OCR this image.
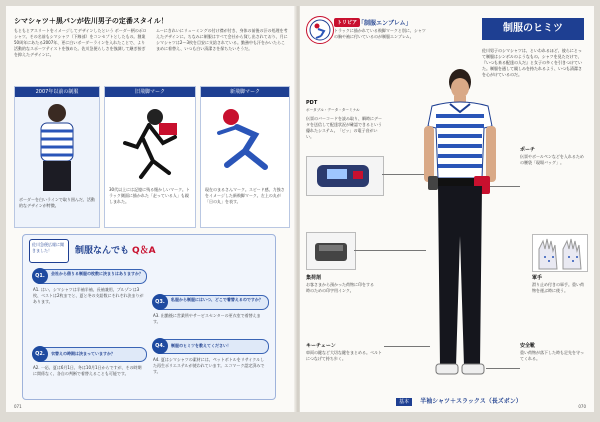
シマシャツ＋黒パンが佐川男子の定番スタイル！
もともとアスリートをイメージしてデザインしたという ボーダー柄のポロシャツ。その名前もシマシャツ（下線部）をコンセプトとしたもの。創業50周年にあたる2007年、更に白いボーダーラインを入れたことで、より活動的なスポーツテイストを強めた。佐川急便らしさを強調して継ぎ接ぎを抑えたデザインに。
ムーにきれいにリューミングの付け襟が付き、身体の前後の汗の処理を考えたデザインに。ちなみに制服はすべて会社から貸し出されており、月にシマシャツは2〜3枚を目安に支給されている。勤務中も汗をかいたらこまめに着替え、いつも白い清潔さを保ちたいそうだ。
2007年以前の制服
ボーダーを白いラインで取り囲んだ、活動的なデザインが特徴。
旧飛脚マーク
30代以上には記憶に残る懐かしいマーク。トラック側面に描かれた「走っている人」も親しまれた。
新飛脚マーク
現在のまるさんマーク。スピード感、力強さをイメージした新飛脚マーク。左上の丸が「日の丸」を表す。
佐川急便広報に聞きました！	制服なんでも Q＆A
Q1.	会社から借りる制服の枚数に決まりはありますか？
A1. はい、シマシャツは半袖半袖、長袖兼用、ブルゾンは3枚、ベストは2枚までと、夏と冬の支給数にそれぞれ決まりがあります。
Q2.	衣替えの時期は決まっていますか？
A2. 一応、夏は6月1日、冬は10月1日からですが、その時期に関係なく、各自の判断で着替えることも可能です。
Q3.	私服から制服にはいつ、どこで着替えるのですか？
A3. 出勤後に営業所やサービスセンターの更衣室で着替えます。
Q4.	制服のヒミツを教えてください！
A4. 夏はシマシャツの素材には、ペットボトルをリサイクルした再生ポリエステルが使われています。エコマーク認定済みです。
071
制服のヒミツ
佐川男子のシマシャツは、といわれるほど、彼らにとって制服はシンボルのようなもの。シャツを見ただけで、『いつも来る配達の人だ』と女子の多くを引きつけていた。制服を通して親しみを持たれるよう、いつも清潔さを心がけているのだ。
トリビア 「制服エンブレム」
トラックに描かれている飛脚マークと別に、シャツの胸や袖に付いているのが制服エンブレム。
PDT
ポータブル・データ・ターミナル
伝票のバーコードを読み取り、瞬時にデータを送信して配達状況が確認できるという優れたシステム。「ピッ」の電子音がいい。
集荷剤
お客さまから預かった荷物に印をする時のための印字用インク。
キーチェーン
車両の鍵など大切な鍵をまとめる。ベルトにつなげて持ち歩く。
ポーチ
伝票やボールペンなどを入れるための腰袋「現場バッグ」。
軍手
滑り止め付きの軍手。重い荷物を運ぶ時に使う。
安全靴
重い荷物が落下した時も足先を守ってくれる。
基本 半袖シャツ＋スラックス（長ズボン）
070
